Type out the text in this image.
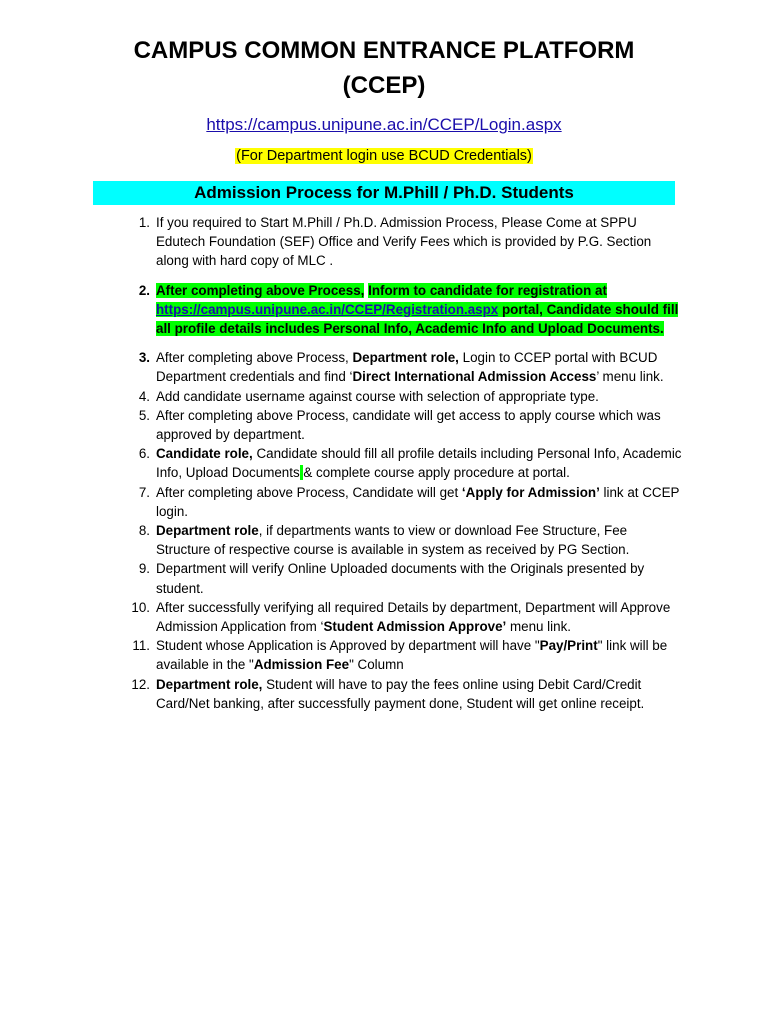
CAMPUS COMMON ENTRANCE PLATFORM
(CCEP)
https://campus.unipune.ac.in/CCEP/Login.aspx
(For Department login use BCUD Credentials)
Admission Process for M.Phill / Ph.D. Students
1. If you required to Start M.Phill / Ph.D. Admission Process, Please Come at SPPU Edutech Foundation (SEF) Office and Verify Fees which is provided by P.G. Section along with hard copy of MLC .
2. After completing above Process, Inform to candidate for registration at https://campus.unipune.ac.in/CCEP/Registration.aspx portal, Candidate should fill all profile details includes Personal Info, Academic Info and Upload Documents.
3. After completing above Process, Department role, Login to CCEP portal with BCUD Department credentials and find ‘Direct International Admission Access’ menu link.
4. Add candidate username against course with selection of appropriate type.
5. After completing above Process, candidate will get access to apply course which was approved by department.
6. Candidate role, Candidate should fill all profile details including Personal Info, Academic Info, Upload Documents & complete course apply procedure at portal.
7. After completing above Process, Candidate will get ‘Apply for Admission’ link at CCEP login.
8. Department role, if departments wants to view or download Fee Structure, Fee Structure of respective course is available in system as received by PG Section.
9. Department will verify Online Uploaded documents with the Originals presented by student.
10. After successfully verifying all required Details by department, Department will Approve Admission Application from ‘Student Admission Approve’ menu link.
11. Student whose Application is Approved by department will have "Pay/Print" link will be available in the "Admission Fee" Column
12. Department role, Student will have to pay the fees online using Debit Card/Credit Card/Net banking, after successfully payment done, Student will get online receipt.
